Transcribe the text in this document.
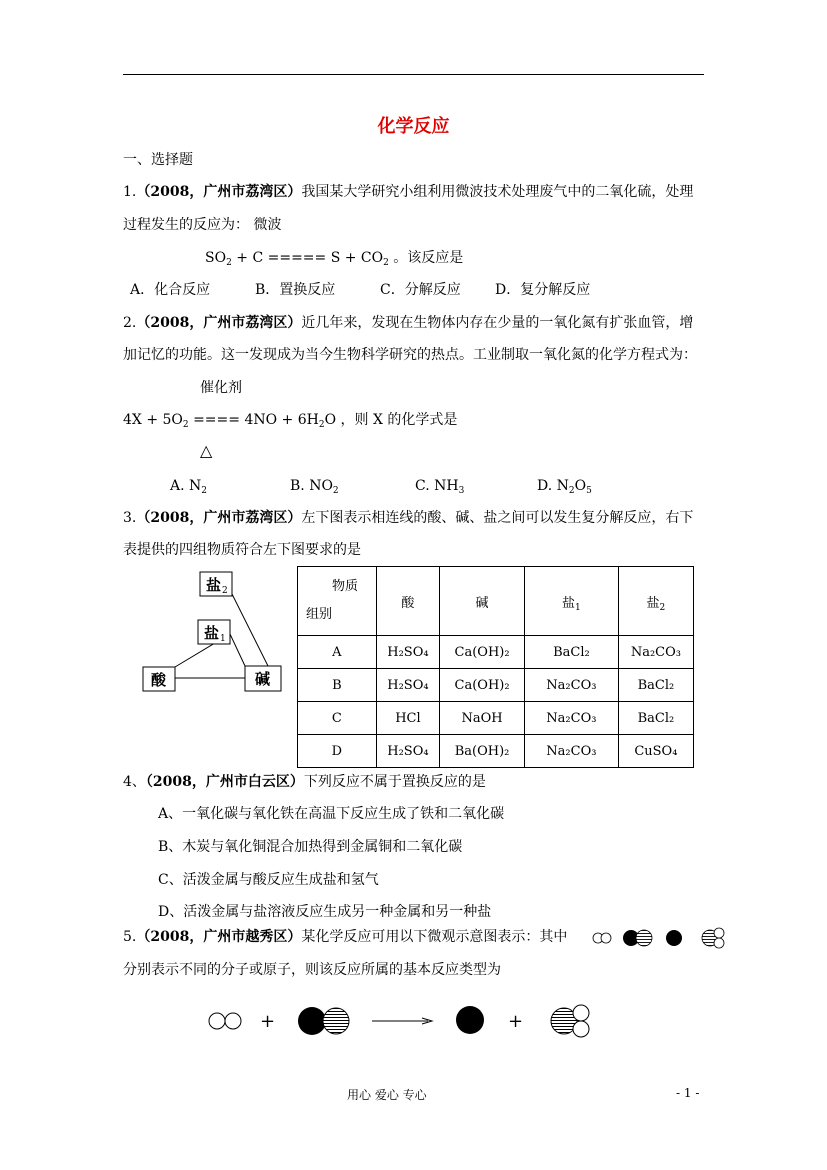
化学反应
一、选择题
1.（2008，广州市荔湾区）我国某大学研究小组利用微波技术处理废气中的二氧化硫，处理
过程发生的反应为： 微波
$SO_2 + C$ ===== $S + CO_2$ 。该反应是
A．化合反应	B．置换反应	C．分解反应 D．复分解反应
2.（2008，广州市荔湾区）近几年来，发现在生物体内存在少量的一氧化氮有扩张血管，增
加记忆的功能。这一发现成为当今生物科学研究的热点。工业制取一氧化氮的化学方程式为：
催化剂
$4X + 5O_2$ ==== $4NO + 6H_2O$ ，则 X 的化学式是
△
A. $N_2$	B. $NO_2$	C. $NH_3$	D. $N_2O_5$
3.（2008，广州市荔湾区）左下图表示相连线的酸、碱、盐之间可以发生复分解反应，右下
表提供的四组物质符合左下图要求的是
盐 2
盐 1
酸	碱
物质
组别	酸	碱	盐$_1$	盐$_2$
A	H₂SO₄	Ca(OH)₂	BaCl₂	Na₂CO₃
B	H₂SO₄	Ca(OH)₂	Na₂CO₃	BaCl₂
C	HCl	NaOH	Na₂CO₃	BaCl₂
D	H₂SO₄	Ba(OH)₂	Na₂CO₃	CuSO₄
4、（2008，广州市白云区）下列反应不属于置换反应的是
A、一氧化碳与氧化铁在高温下反应生成了铁和二氧化碳
B、木炭与氧化铜混合加热得到金属铜和二氧化碳
C、活泼金属与酸反应生成盐和氢气
D、活泼金属与盐溶液反应生成另一种金属和另一种盐
5.（2008，广州市越秀区）某化学反应可用以下微观示意图表示：其中
分别表示不同的分子或原子，则该反应所属的基本反应类型为
+	+
用心 爱心 专心	- 1 -
